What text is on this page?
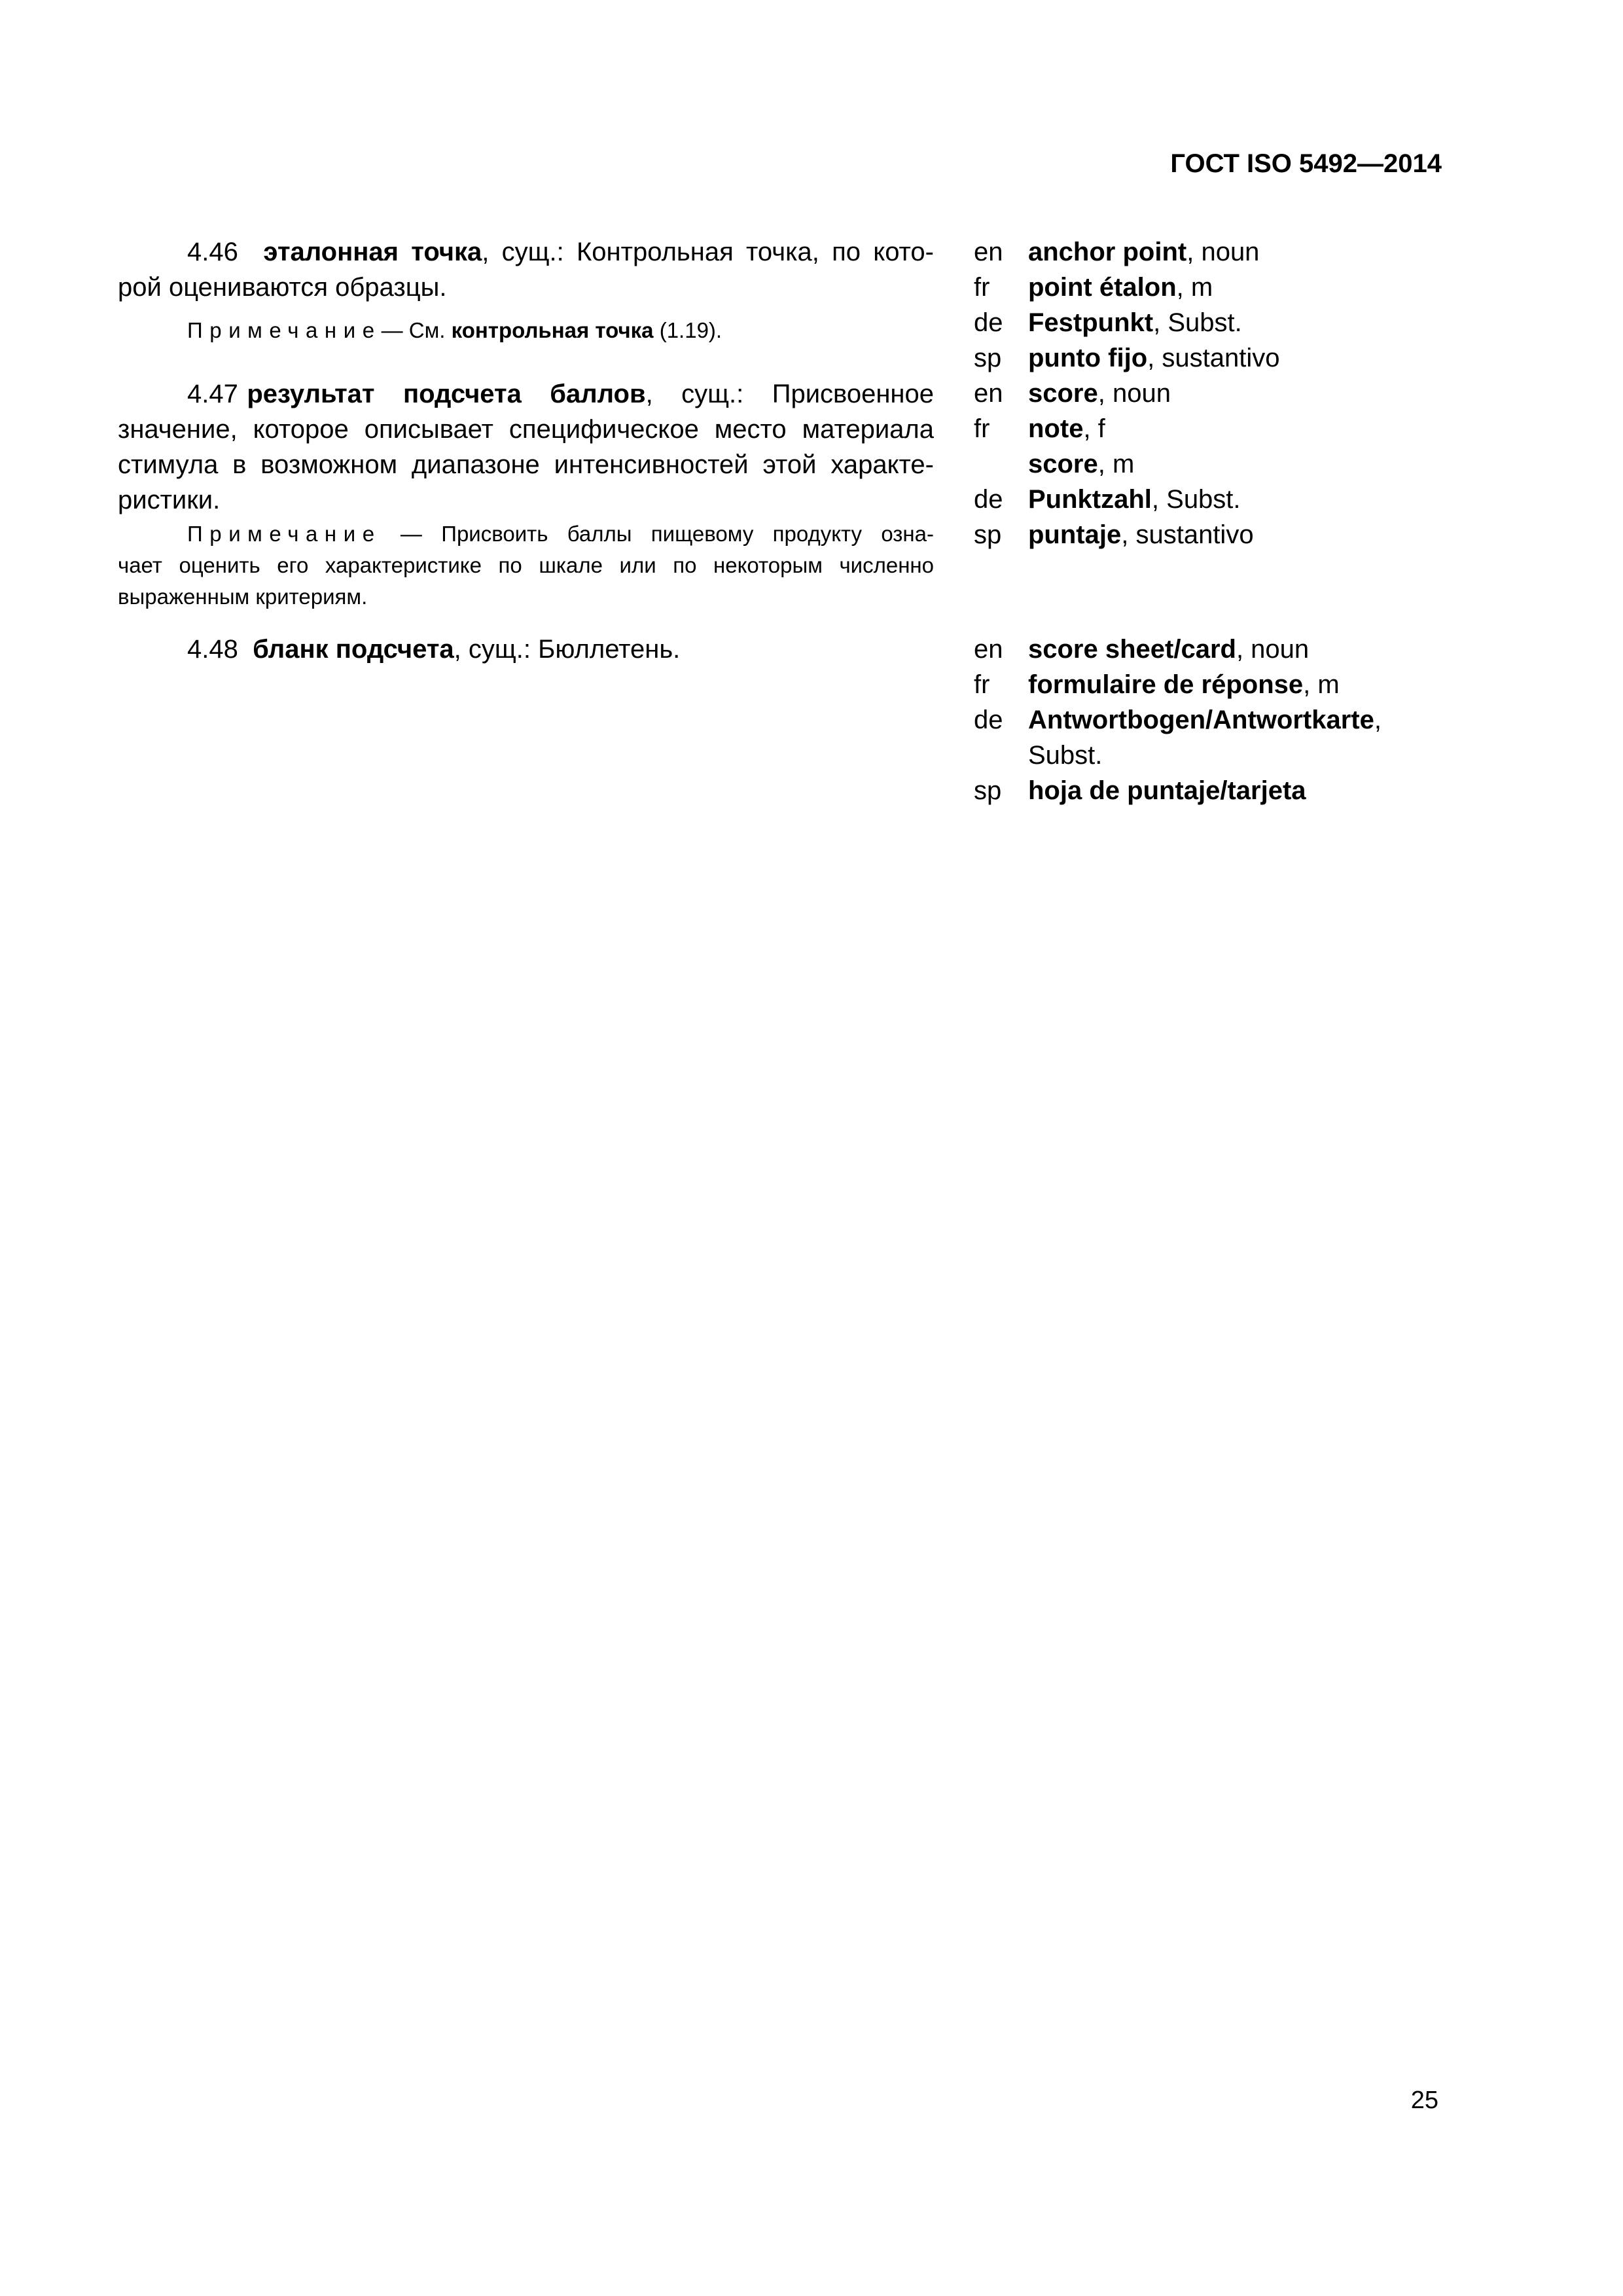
ГОСТ ISO 5492—2014
4.46 эталонная точка, сущ.: Контрольная точка, по кото-
рой оцениваются образцы.
Примечание— См. контрольная точка (1.19).
4.47 результат подсчета баллов, сущ.: Присвоенное
значение, которое описывает специфическое место материала
стимула в возможном диапазоне интенсивностей этой характе-
ристики.
Примечание — Присвоить баллы пищевому продукту озна-
чает оценить его характеристике по шкале или по некоторым численно
выраженным критериям.
4.48 бланк подсчета, сущ.: Бюллетень.
en anchor point, noun
fr point étalon, m
de Festpunkt, Subst.
sp punto fijo, sustantivo
en score, noun
fr note, f
score, m
de Punktzahl, Subst.
sp puntaje, sustantivo
en score sheet/card, noun
fr formulaire de réponse, m
de Antwortbogen/Antwortkarte,
Subst.
sp hoja de puntaje/tarjeta
25
